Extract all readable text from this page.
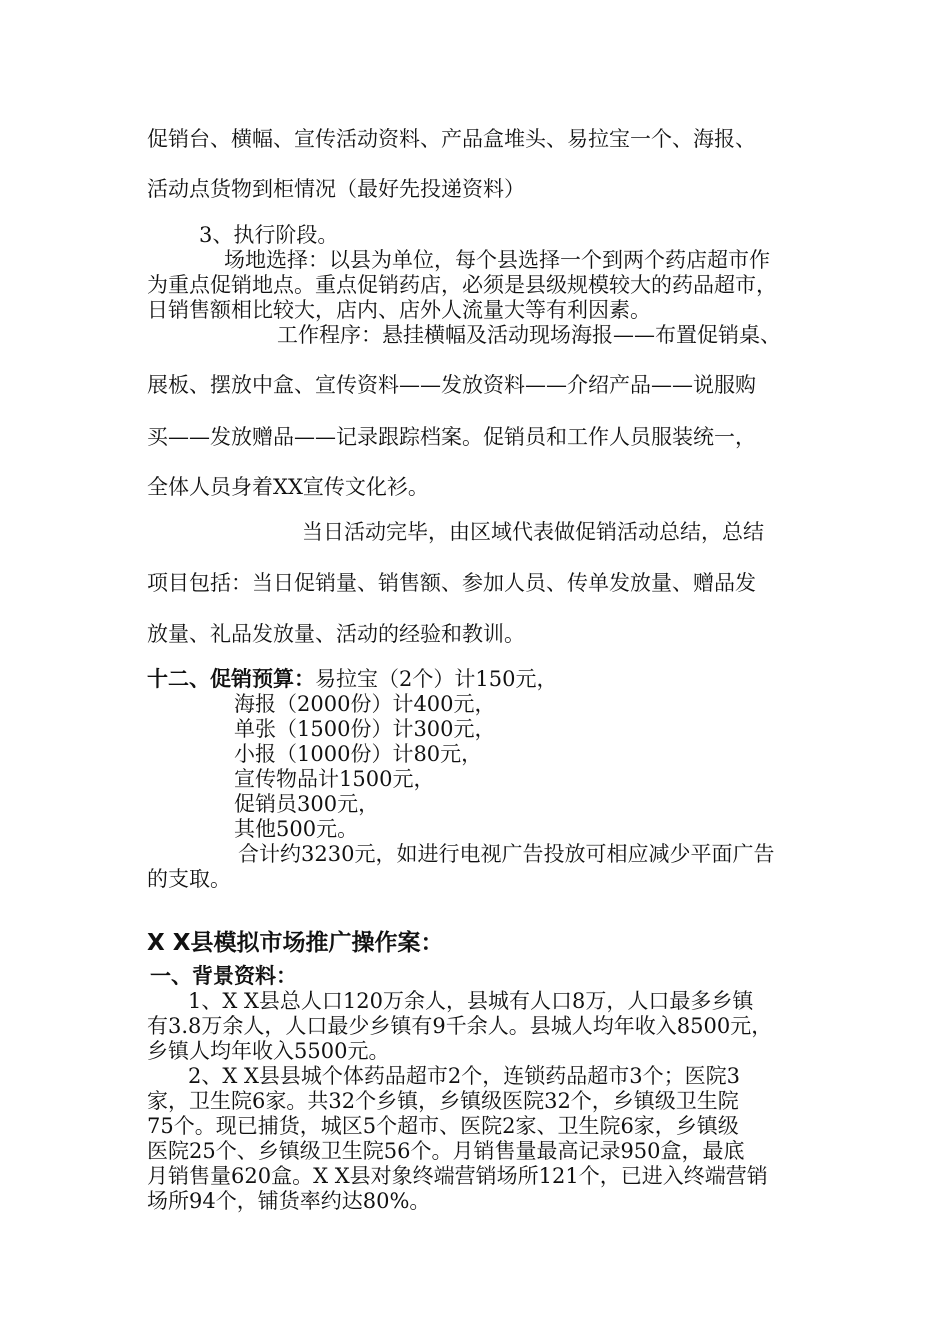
促销台、横幅、宣传活动资料、产品盒堆头、易拉宝一个、海报、
活动点货物到柜情况（最好先投递资料）
3、执行阶段。
场地选择：以县为单位，每个县选择一个到两个药店超市作
为重点促销地点。重点促销药店，必须是县级规模较大的药品超市，
日销售额相比较大，店内、店外人流量大等有利因素。
工作程序：悬挂横幅及活动现场海报——布置促销桌、
展板、摆放中盒、宣传资料——发放资料——介绍产品——说服购
买——发放赠品——记录跟踪档案。促销员和工作人员服装统一，
全体人员身着XX宣传文化衫。
当日活动完毕，由区域代表做促销活动总结，总结
项目包括：当日促销量、销售额、参加人员、传单发放量、赠品发
放量、礼品发放量、活动的经验和教训。
十二、促销预算：易拉宝（2个）计150元，
海报（2000份）计400元，
单张（1500份）计300元，
小报（1000份）计80元，
宣传物品计1500元，
促销员300元，
其他500元。
合计约3230元，如进行电视广告投放可相应减少平面广告
的支取。
X X县模拟市场推广操作案：
一、背景资料：
1、X X县总人口120万余人，县城有人口8万，人口最多乡镇
有3.8万余人，人口最少乡镇有9千余人。县城人均年收入8500元，
乡镇人均年收入5500元。
2、X X县县城个体药品超市2个，连锁药品超市3个；医院3
家，卫生院6家。共32个乡镇，乡镇级医院32个，乡镇级卫生院
75个。现已捕货，城区5个超市、医院2家、卫生院6家，乡镇级
医院25个、乡镇级卫生院56个。月销售量最高记录950盒，最底
月销售量620盒。X X县对象终端营销场所121个，已进入终端营销
场所94个，铺货率约达80%。
